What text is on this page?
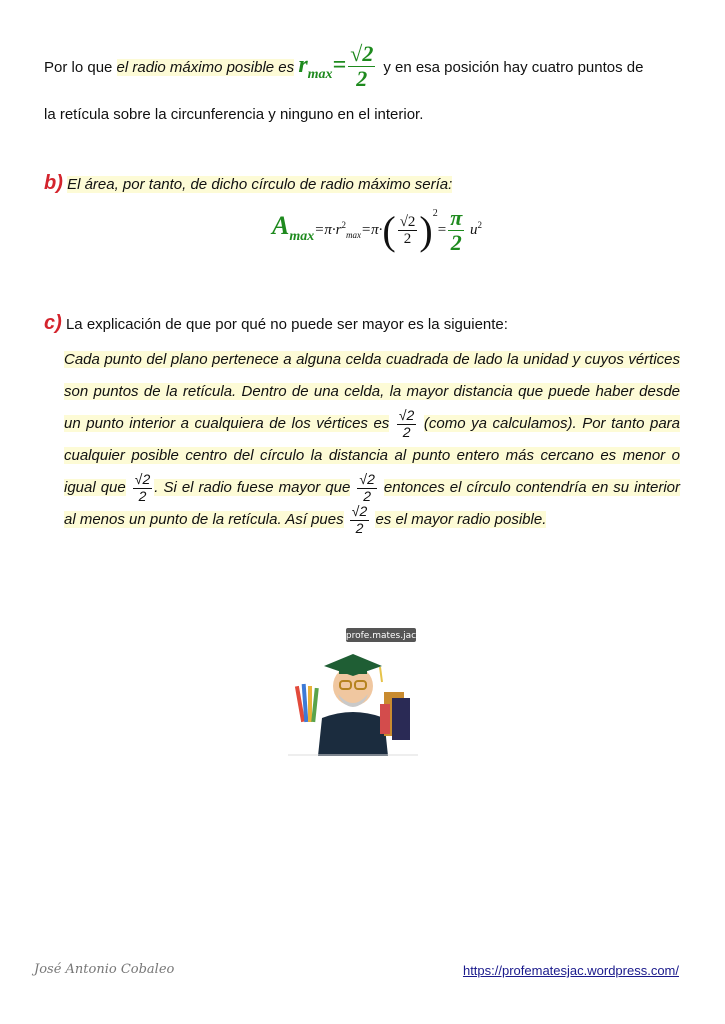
Por lo que el radio máximo posible es $r_{max}= \frac{√2}{2}$ y en esa posición hay cuatro puntos de
la retícula sobre la circunferencia y ninguno en el interior.
b) El área, por tanto, de dicho círculo de radio máximo sería:
$A_{max}=\pi\cdot r^2_{max}=\pi\cdot( \frac{√2}{2} )^2= \frac{\pi}{2} u^2$
c) La explicación de que por qué no puede ser mayor es la siguiente:
Cada punto del plano pertenece a alguna celda cuadrada de lado la unidad y cuyos vértices son puntos de la retícula. Dentro de una celda, la mayor distancia que puede haber desde un punto interior a cualquiera de los vértices es $\frac{√2}{2}$ (como ya calculamos). Por tanto para cualquier posible centro del círculo la distancia al punto entero más cercano es menor o igual que $\frac{√2}{2}$ . Si el radio fuese mayor que $\frac{√2}{2}$ entonces el círculo contendría en su interior al menos un punto de la retícula. Así pues $\frac{√2}{2}$ es el mayor radio posible.
profe.mates.jac
José Antonio Cobaleo	https://profematesjac.wordpress.com/
